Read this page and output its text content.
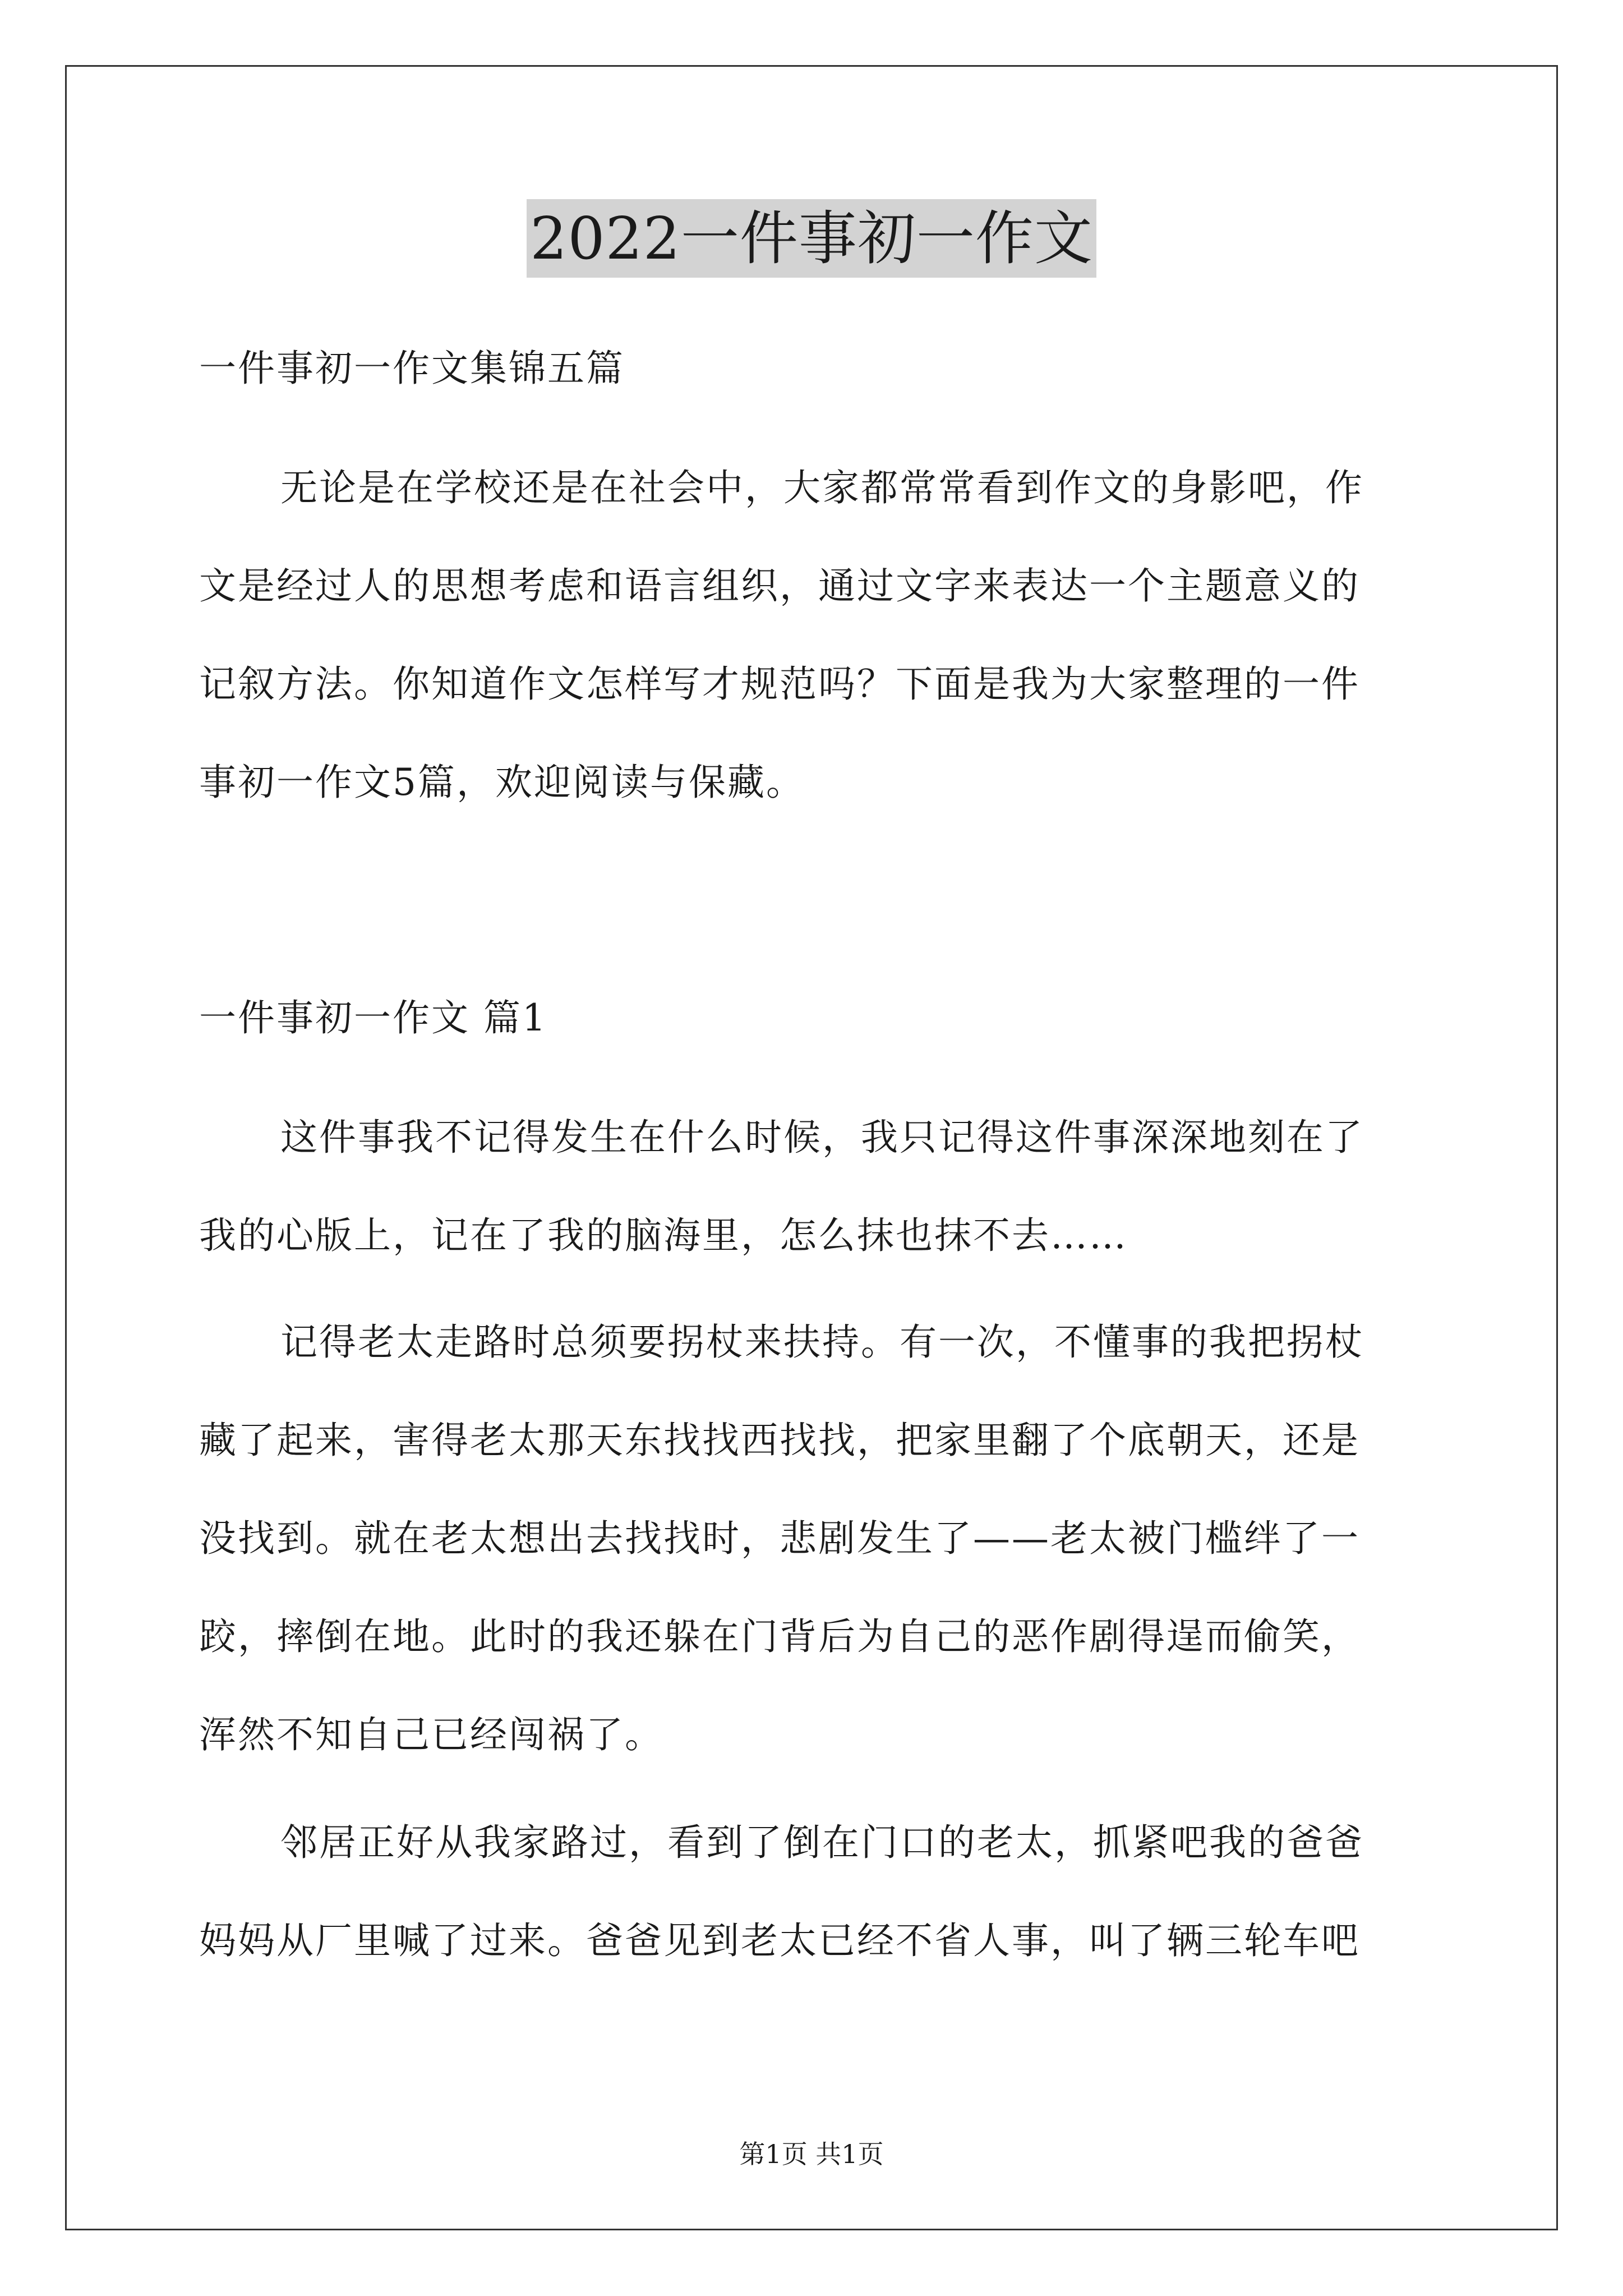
2022一件事初一作文
一件事初一作文集锦五篇
无论是在学校还是在社会中，大家都常常看到作文的身影吧，作
文是经过人的思想考虑和语言组织，通过文字来表达一个主题意义的
记叙方法。你知道作文怎样写才规范吗？下面是我为大家整理的一件
事初一作文5篇，欢迎阅读与保藏。
一件事初一作文 篇1
这件事我不记得发生在什么时候，我只记得这件事深深地刻在了
我的心版上，记在了我的脑海里，怎么抹也抹不去……
记得老太走路时总须要拐杖来扶持。有一次，不懂事的我把拐杖
藏了起来，害得老太那天东找找西找找，把家里翻了个底朝天，还是
没找到。就在老太想出去找找时，悲剧发生了——老太被门槛绊了一
跤，摔倒在地。此时的我还躲在门背后为自己的恶作剧得逞而偷笑，
浑然不知自己已经闯祸了。
邻居正好从我家路过，看到了倒在门口的老太，抓紧吧我的爸爸
妈妈从厂里喊了过来。爸爸见到老太已经不省人事，叫了辆三轮车吧
第1页 共1页
